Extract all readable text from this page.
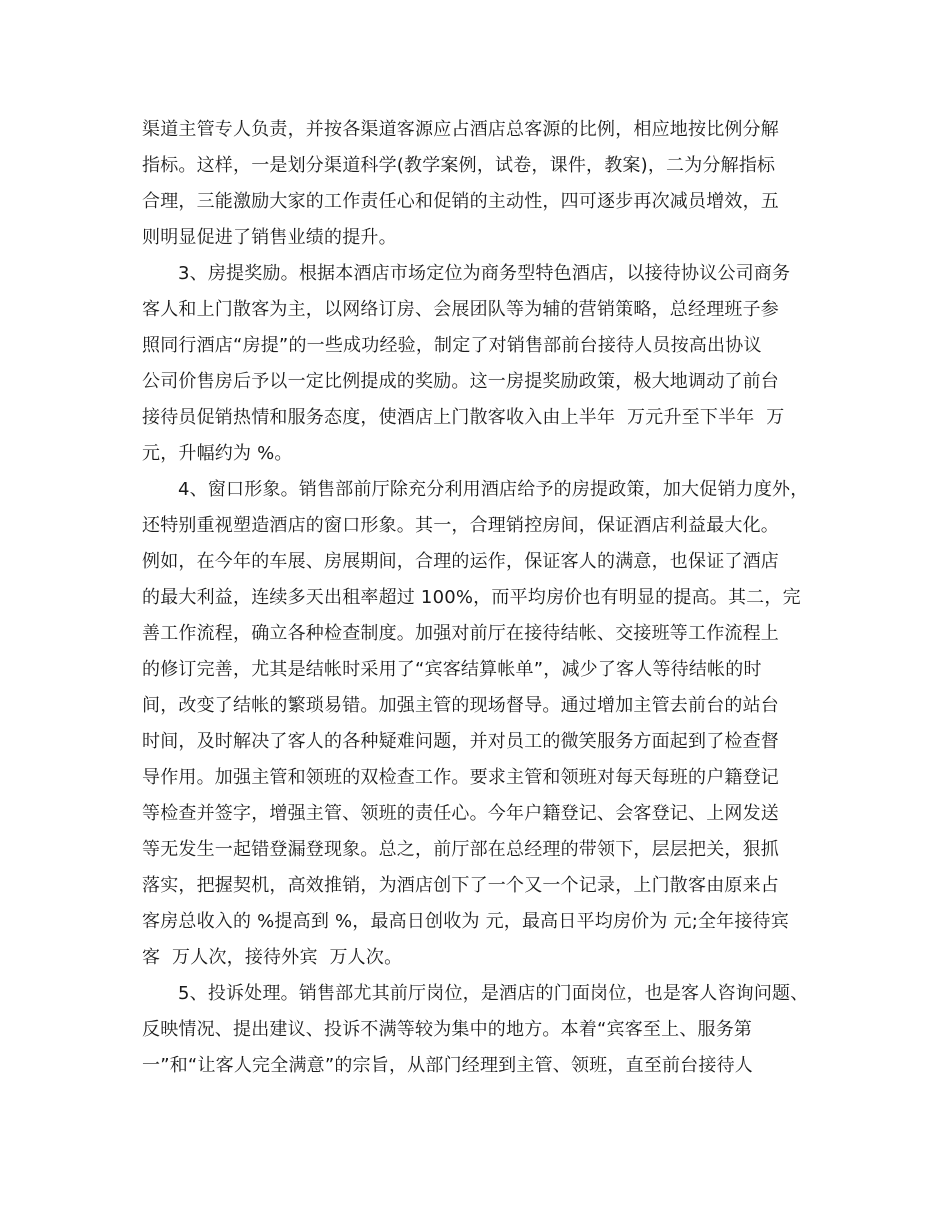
渠道主管专人负责，并按各渠道客源应占酒店总客源的比例，相应地按比例分解
指标。这样，一是划分渠道科学(教学案例，试卷，课件，教案)，二为分解指标
合理，三能激励大家的工作责任心和促销的主动性，四可逐步再次减员增效，五
则明显促进了销售业绩的提升。
3、房提奖励。根据本酒店市场定位为商务型特色酒店，以接待协议公司商务
客人和上门散客为主，以网络订房、会展团队等为辅的营销策略，总经理班子参
照同行酒店“房提”的一些成功经验，制定了对销售部前台接待人员按高出协议
公司价售房后予以一定比例提成的奖励。这一房提奖励政策，极大地调动了前台
接待员促销热情和服务态度，使酒店上门散客收入由上半年  万元升至下半年  万
元，升幅约为 %。
4、窗口形象。销售部前厅除充分利用酒店给予的房提政策，加大促销力度外，
还特别重视塑造酒店的窗口形象。其一，合理销控房间，保证酒店利益最大化。
例如，在今年的车展、房展期间，合理的运作，保证客人的满意，也保证了酒店
的最大利益，连续多天出租率超过 100%，而平均房价也有明显的提高。其二，完
善工作流程，确立各种检查制度。加强对前厅在接待结帐、交接班等工作流程上
的修订完善，尤其是结帐时采用了“宾客结算帐单”，减少了客人等待结帐的时
间，改变了结帐的繁琐易错。加强主管的现场督导。通过增加主管去前台的站台
时间，及时解决了客人的各种疑难问题，并对员工的微笑服务方面起到了检查督
导作用。加强主管和领班的双检查工作。要求主管和领班对每天每班的户籍登记
等检查并签字，增强主管、领班的责任心。今年户籍登记、会客登记、上网发送
等无发生一起错登漏登现象。总之，前厅部在总经理的带领下，层层把关，狠抓
落实，把握契机，高效推销，为酒店创下了一个又一个记录，上门散客由原来占
客房总收入的 %提高到 %，最高日创收为 元，最高日平均房价为 元;全年接待宾
客  万人次，接待外宾  万人次。
5、投诉处理。销售部尤其前厅岗位，是酒店的门面岗位，也是客人咨询问题、
反映情况、提出建议、投诉不满等较为集中的地方。本着“宾客至上、服务第
一”和“让客人完全满意”的宗旨，从部门经理到主管、领班，直至前台接待人
